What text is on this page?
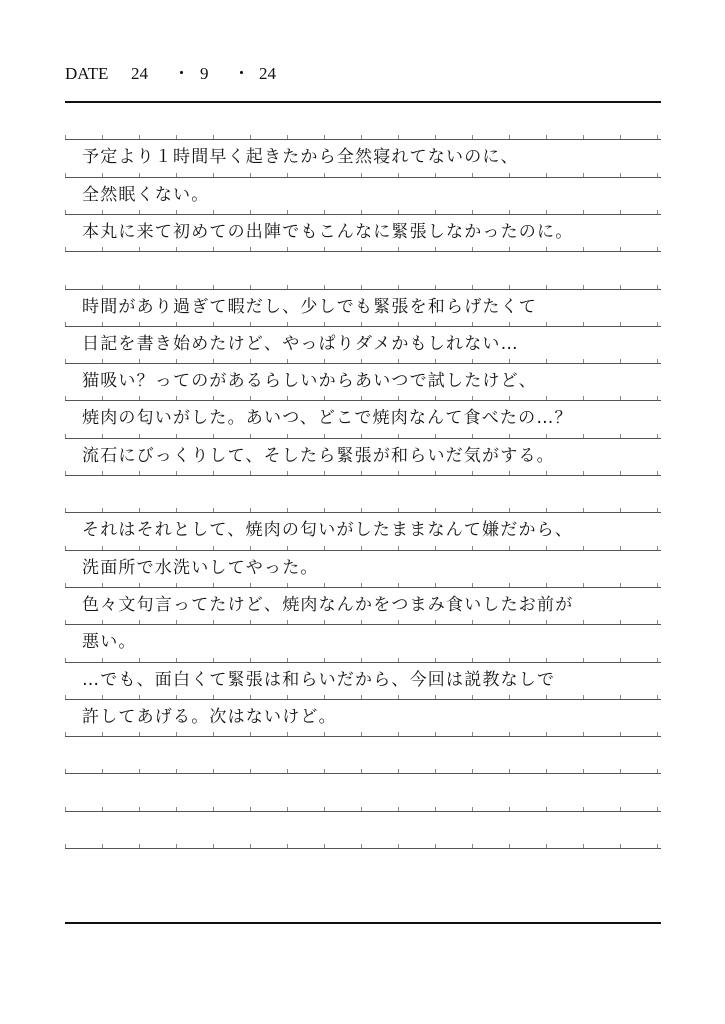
DATE 24 ・ 9 ・ 24
予定より１時間早く起きたから全然寝れてないのに、
全然眠くない。
本丸に来て初めての出陣でもこんなに緊張しなかったのに。
時間があり過ぎて暇だし、少しでも緊張を和らげたくて
日記を書き始めたけど、やっぱりダメかもしれない…
猫吸い？ってのがあるらしいからあいつで試したけど、
焼肉の匂いがした。あいつ、どこで焼肉なんて食べたの…？
流石にびっくりして、そしたら緊張が和らいだ気がする。
それはそれとして、焼肉の匂いがしたままなんて嫌だから、
洗面所で水洗いしてやった。
色々文句言ってたけど、焼肉なんかをつまみ食いしたお前が
悪い。
…でも、面白くて緊張は和らいだから、今回は説教なしで
許してあげる。次はないけど。
